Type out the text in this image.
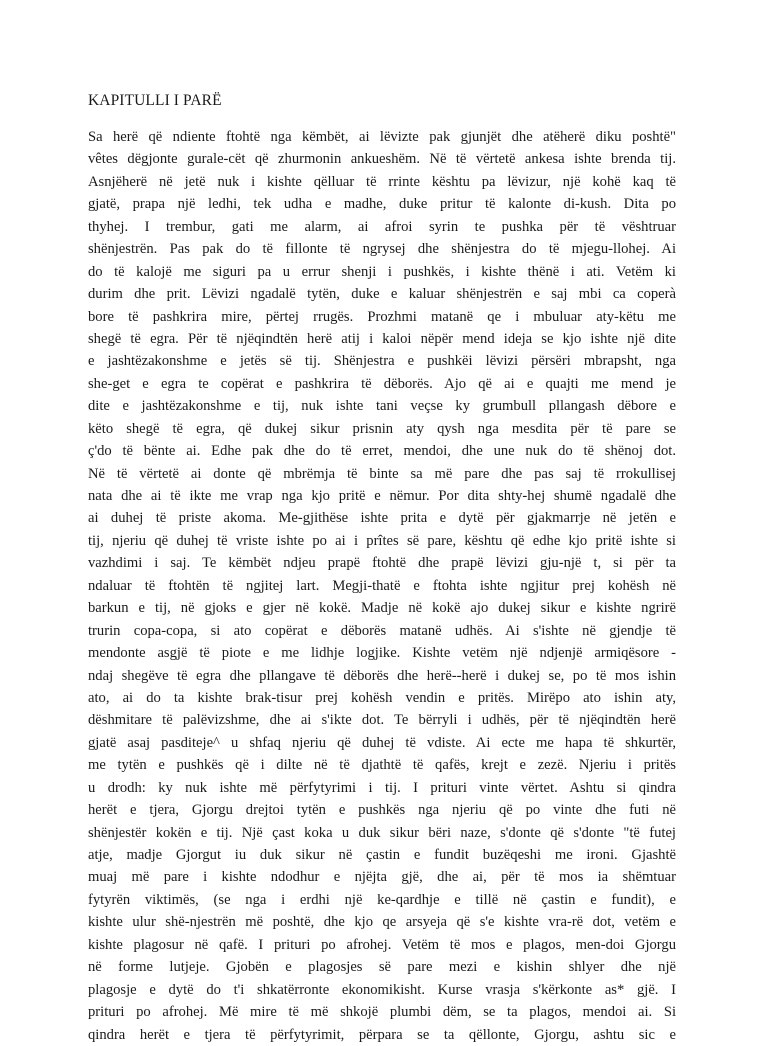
KAPITULLI I PARË
Sa herë që ndiente ftohtë nga këmbët, ai lëvizte pak gjunjët dhe atëherë diku poshtë"
vêtes dëgjonte gurale-cët që zhurmonin ankueshëm. Në të vërtetë ankesa ishte brenda tij.
Asnjëherë në jetë nuk i kishte qëlluar të rrinte kështu pa lëvizur, një kohë kaq të
gjatë, prapa një ledhi, tek udha e madhe, duke pritur të kalonte di-kush. Dita po
thyhej. I trembur, gati me alarm, ai afroi syrin te pushka për të vështruar
shënjestrën. Pas pak do të fillonte të ngrysej dhe shënjestra do të mjegu-llohej. Ai
do të kalojë me siguri pa u errur shenji i pushkës, i kishte thënë i ati. Vetëm ki
durim dhe prit. Lëvizi ngadalë tytën, duke e kaluar shënjestrën e saj mbi ca coperà
bore të pashkrira mire, përtej rrugës. Prozhmi matanë qe i mbuluar aty-këtu me
shegë të egra. Për të njëqindtën herë atij i kaloi nëpër mend ideja se kjo ishte një dite
e jashtëzakonshme e jetës së tij. Shënjestra e pushkëi lëvizi përsëri mbrapsht, nga
she-get e egra te copërat e pashkrira të dëborës. Ajo që ai e quajti me mend je
dite e jashtëzakonshme e tij, nuk ishte tani veçse ky grumbull pllangash dëbore e
këto shegë të egra, që dukej sikur prisnin aty qysh nga mesdita për të pare se
ç'do të bënte ai. Edhe pak dhe do të erret, mendoi, dhe une nuk do të shënoj dot.
Në të vërtetë ai donte që mbrëmja të binte sa më pare dhe pas saj të rrokullisej
nata dhe ai të ikte me vrap nga kjo pritë e nëmur. Por dita shty-hej shumë ngadalë dhe
ai duhej të priste akoma. Me-gjithëse ishte prita e dytë për gjakmarrje në jetën e
tij, njeriu që duhej të vriste ishte po ai i prîtes së pare, kështu që edhe kjo pritë ishte si
vazhdimi i saj. Te këmbët ndjeu prapë ftohtë dhe prapë lëvizi gju-një t, si për ta
ndaluar të ftohtën të ngjitej lart. Megji-thatë e ftohta ishte ngjitur prej kohësh në
barkun e tij, në gjoks e gjer në kokë. Madje në kokë ajo dukej sikur e kishte ngrirë
trurin copa-copa, si ato copërat e dëborës matanë udhës. Ai s'ishte në gjendje të
mendonte asgjë të piote e me lidhje logjike. Kishte vetëm një ndjenjë armiqësore -
ndaj shegëve të egra dhe pllangave të dëborës dhe herë--herë i dukej se, po të mos ishin
ato, ai do ta kishte brak-tisur prej kohësh vendin e pritës. Mirëpo ato ishin aty,
dëshmitare të palëvizshme, dhe ai s'ikte dot. Te bërryli i udhës, për të njëqindtën herë
gjatë asaj pasditeje^ u shfaq njeriu që duhej të vdiste. Ai ecte me hapa të shkurtër,
me tytën e pushkës që i dilte në të djathtë të qafës, krejt e zezë. Njeriu i pritës
u drodh: ky nuk ishte më përfytyrimi i tij. I prituri vinte vërtet. Ashtu si qindra
herët e tjera, Gjorgu drejtoi tytën e pushkës nga njeriu që po vinte dhe futi në
shënjestër kokën e tij. Një çast koka u duk sikur bëri naze, s'donte që s'donte "të futej
atje, madje Gjorgut iu duk sikur në çastin e fundit buzëqeshi me ironi. Gjashtë
muaj më pare i kishte ndodhur e njëjta gjë, dhe ai, për të mos ia shëmtuar
fytyrën viktimës, (se nga i erdhi një ke-qardhje e tillë në çastin e fundit), e
kishte ulur shë-njestrën më poshtë, dhe kjo qe arsyeja që s'e kishte vra-rë dot, vetëm e
kishte plagosur në qafë. I prituri po afrohej. Vetëm të mos e plagos, men-doi Gjorgu
në forme lutjeje. Gjobën e plagosjes së pare mezi e kishin shlyer dhe një
plagosje e dytë do t'i shkatërronte ekonomikisht. Kurse vrasja s'kërkonte as* gjë. I
prituri po afrohej. Më mire të më shkojë plumbi dëm, se ta plagos, mendoi ai. Si
qindra herët e tjera të përfytyrimit, përpara se ta qëllonte, Gjorgu, ashtu sic e
